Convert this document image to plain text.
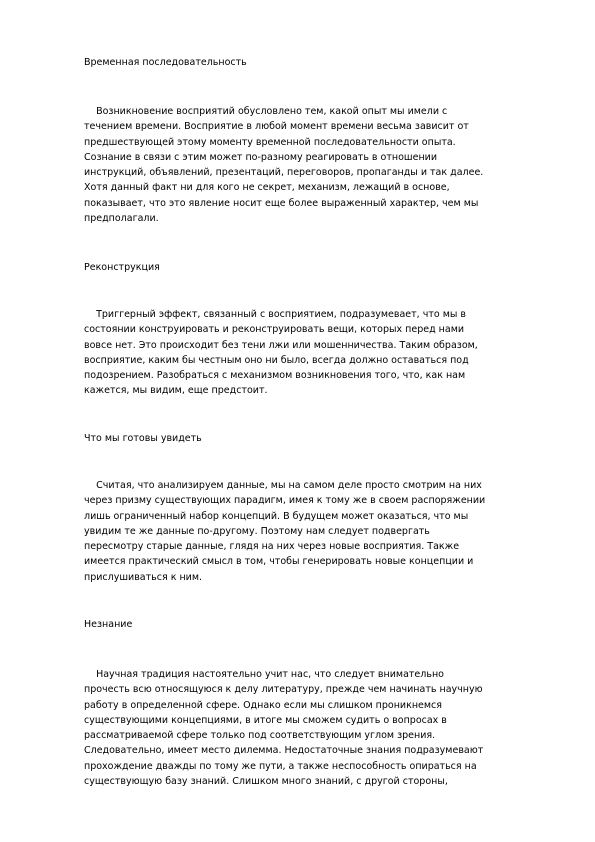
Временная последовательность
Возникновение восприятий обусловлено тем, какой опыт мы имели с
течением времени. Восприятие в любой момент времени весьма зависит от
предшествующей этому моменту временной последовательности опыта.
Сознание в связи с этим может по-разному реагировать в отношении
инструкций, объявлений, презентаций, переговоров, пропаганды и так далее.
Хотя данный факт ни для кого не секрет, механизм, лежащий в основе,
показывает, что это явление носит еще более выраженный характер, чем мы
предполагали.
Реконструкция
Триггерный эффект, связанный с восприятием, подразумевает, что мы в
состоянии конструировать и реконструировать вещи, которых перед нами
вовсе нет. Это происходит без тени лжи или мошенничества. Таким образом,
восприятие, каким бы честным оно ни было, всегда должно оставаться под
подозрением. Разобраться с механизмом возникновения того, что, как нам
кажется, мы видим, еще предстоит.
Что мы готовы увидеть
Считая, что анализируем данные, мы на самом деле просто смотрим на них
через призму существующих парадигм, имея к тому же в своем распоряжении
лишь ограниченный набор концепций. В будущем может оказаться, что мы
увидим те же данные по-другому. Поэтому нам следует подвергать
пересмотру старые данные, глядя на них через новые восприятия. Также
имеется практический смысл в том, чтобы генерировать новые концепции и
прислушиваться к ним.
Незнание
Научная традиция настоятельно учит нас, что следует внимательно
прочесть всю относящуюся к делу литературу, прежде чем начинать научную
работу в определенной сфере. Однако если мы слишком проникнемся
существующими концепциями, в итоге мы сможем судить о вопросах в
рассматриваемой сфере только под соответствующим углом зрения.
Следовательно, имеет место дилемма. Недостаточные знания подразумевают
прохождение дважды по тому же пути, а также неспособность опираться на
существующую базу знаний. Слишком много знаний, с другой стороны,
